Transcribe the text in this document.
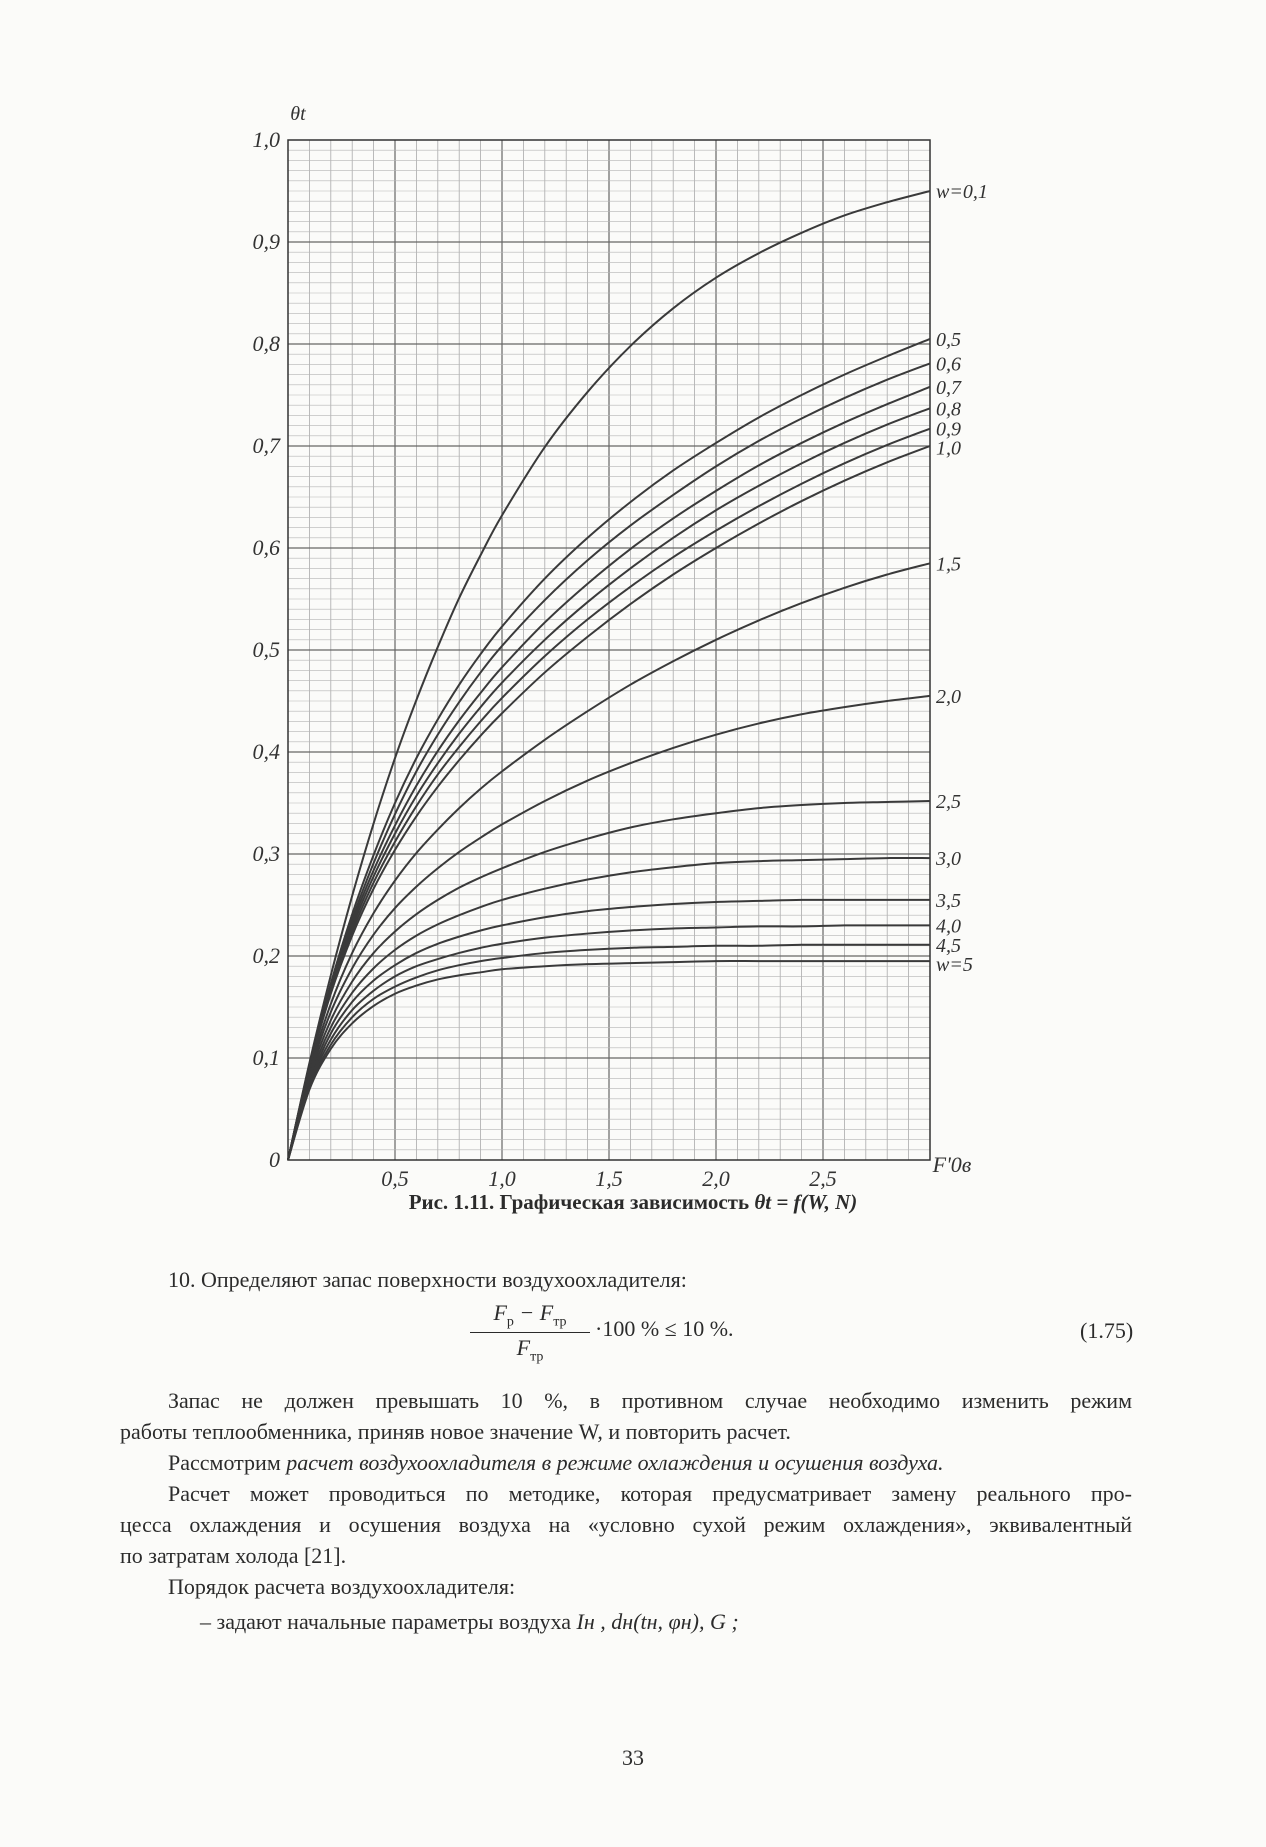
w=0,1
0,5
0,6
0,7
0,8
0,9
1,0
1,5
2,0
2,5
3,0
3,5
4,0
4,5
w=5
0,5	1,0	1,5	2,0	2,5
0
0,1
0,2
0,3
0,4
0,5
0,6
0,7
0,8
0,9
1,0
θt
F'0в
Рис. 1.11. Графическая зависимость θt = f(W, N)
10. Определяют запас поверхности воздухоохладителя:
$F_р - F_{тр}$
$F_{тр}$
·100 % ≤ 10 %.	(1.75)
Запас не должен превышать 10 %, в противном случае необходимо изменить режим
работы теплообменника, приняв новое значение W, и повторить расчет.
Рассмотрим расчет воздухоохладителя в режиме охлаждения и осушения воздуха.
Расчет может проводиться по методике, которая предусматривает замену реального про-
цесса охлаждения и осушения воздуха на «условно сухой режим охлаждения», эквивалентный
по затратам холода [21].
Порядок расчета воздухоохладителя:
– задают начальные параметры воздуха Iн , dн(tн, φн), G ;
33
